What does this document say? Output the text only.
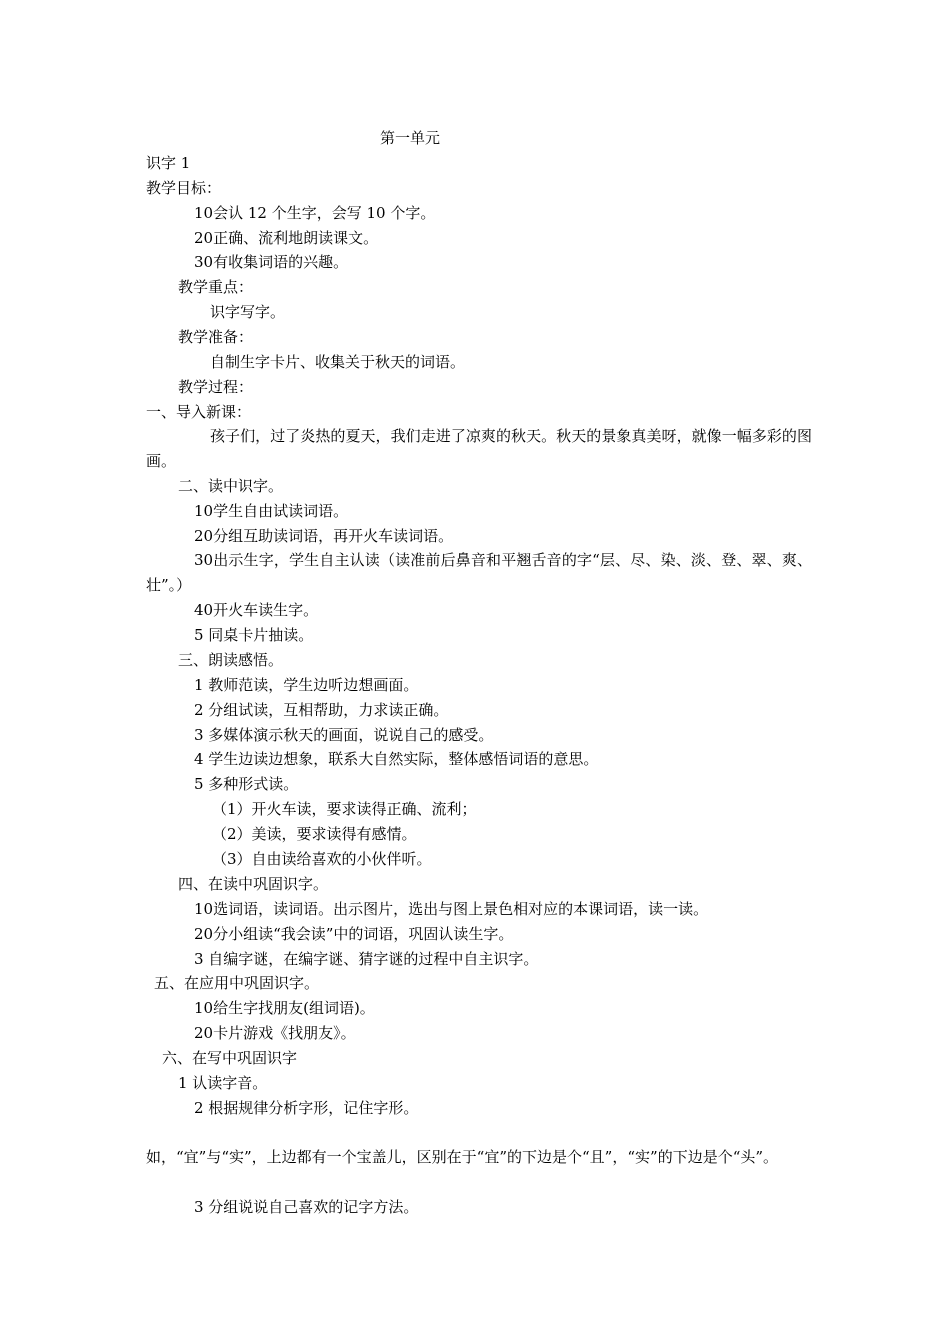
第一单元
识字 1
教学目标：
10会认 12 个生字，会写 10 个字。
20正确、流利地朗读课文。
30有收集词语的兴趣。
教学重点：
识字写字。
教学准备：
自制生字卡片、收集关于秋天的词语。
教学过程：
一、导入新课：
孩子们，过了炎热的夏天，我们走进了凉爽的秋天。秋天的景象真美呀，就像一幅多彩的图画。
二、读中识字。
10学生自由试读词语。
20分组互助读词语，再开火车读词语。
30出示生字，学生自主认读（读准前后鼻音和平翘舌音的字“层、尽、染、淡、登、翠、爽、壮”。）
40开火车读生字。
5 同桌卡片抽读。
三、朗读感悟。
1 教师范读，学生边听边想画面。
2 分组试读，互相帮助，力求读正确。
3 多媒体演示秋天的画面，说说自己的感受。
4 学生边读边想象，联系大自然实际，整体感悟词语的意思。
5 多种形式读。
（1）开火车读，要求读得正确、流利；
（2）美读，要求读得有感情。
（3）自由读给喜欢的小伙伴听。
四、在读中巩固识字。
10选词语，读词语。出示图片，选出与图上景色相对应的本课词语，读一读。
20分小组读“我会读”中的词语，巩固认读生字。
3 自编字谜，在编字谜、猜字谜的过程中自主识字。
五、在应用中巩固识字。
10给生字找朋友(组词语)。
20卡片游戏《找朋友》。
六、在写中巩固识字
1 认读字音。
2 根据规律分析字形，记住字形。
如，“宜”与“实”，上边都有一个宝盖儿，区别在于“宜”的下边是个“且”，“实”的下边是个“头”。
3 分组说说自己喜欢的记字方法。
